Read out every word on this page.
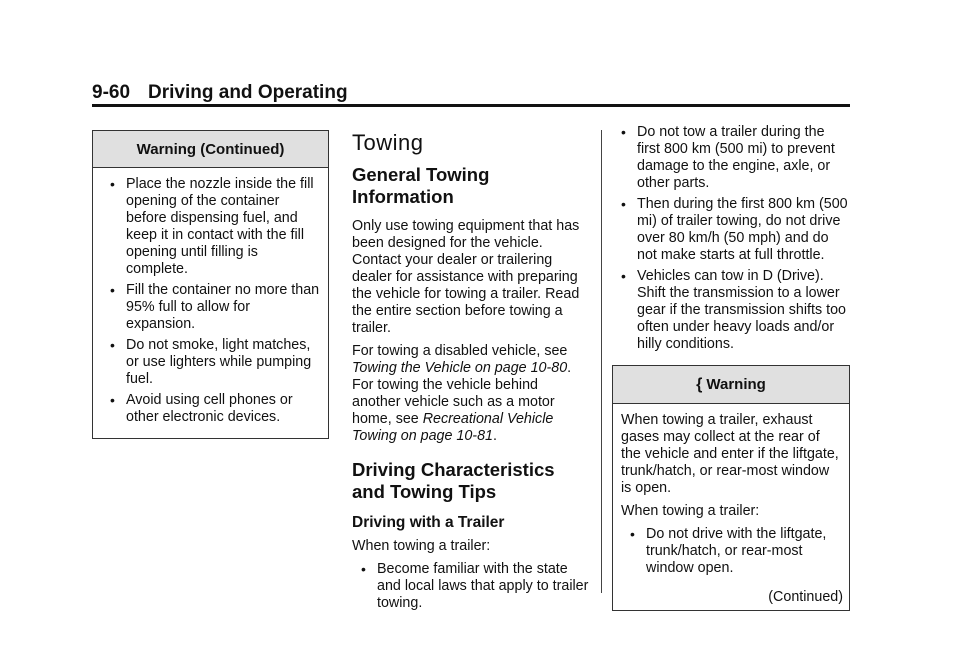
9-60 Driving and Operating
Warning (Continued)
• Place the nozzle inside the fill opening of the container before dispensing fuel, and keep it in contact with the fill opening until filling is complete.
• Fill the container no more than 95% full to allow for expansion.
• Do not smoke, light matches, or use lighters while pumping fuel.
• Avoid using cell phones or other electronic devices.
Towing
General Towing Information

Only use towing equipment that has been designed for the vehicle. Contact your dealer or trailering dealer for assistance with preparing the vehicle for towing a trailer. Read the entire section before towing a trailer.

For towing a disabled vehicle, see Towing the Vehicle on page 10-80. For towing the vehicle behind another vehicle such as a motor home, see Recreational Vehicle Towing on page 10-81.

Driving Characteristics and Towing Tips
Driving with a Trailer

When towing a trailer:

• Become familiar with the state and local laws that apply to trailer towing.
• Do not tow a trailer during the first 800 km (500 mi) to prevent damage to the engine, axle, or other parts.
• Then during the first 800 km (500 mi) of trailer towing, do not drive over 80 km/h (50 mph) and do not make starts at full throttle.
• Vehicles can tow in D (Drive). Shift the transmission to a lower gear if the transmission shifts too often under heavy loads and/or hilly conditions.
{ Warning

When towing a trailer, exhaust gases may collect at the rear of the vehicle and enter if the liftgate, trunk/hatch, or rear-most window is open.

When towing a trailer:

• Do not drive with the liftgate, trunk/hatch, or rear-most window open.
(Continued)
